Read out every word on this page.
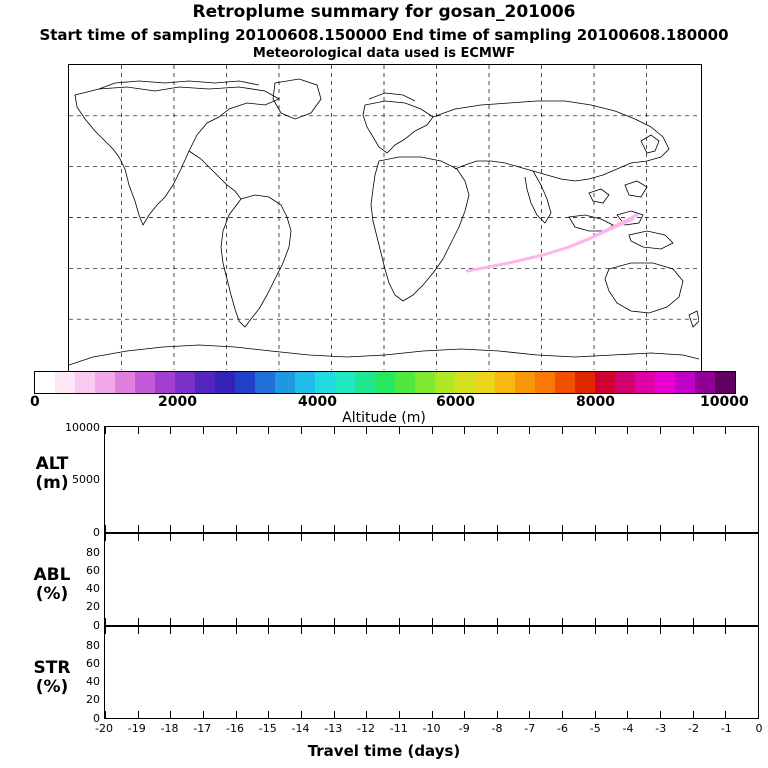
Retroplume summary for gosan_201006
Start time of sampling 20100608.150000 End time of sampling 20100608.180000
Meteorological data used is ECMWF
0	2000	4000	6000	8000	10000
Altitude (m)
ALT
(m)
10000
5000
0
ABL
(%)
80
60
40
20
0
STR
(%)
80
60
40
20
0
-20 -19 -18 -17 -16 -15 -14 -13 -12 -11 -10 -9 -8 -7 -6 -5 -4 -3 -2 -1 0
Travel time (days)
